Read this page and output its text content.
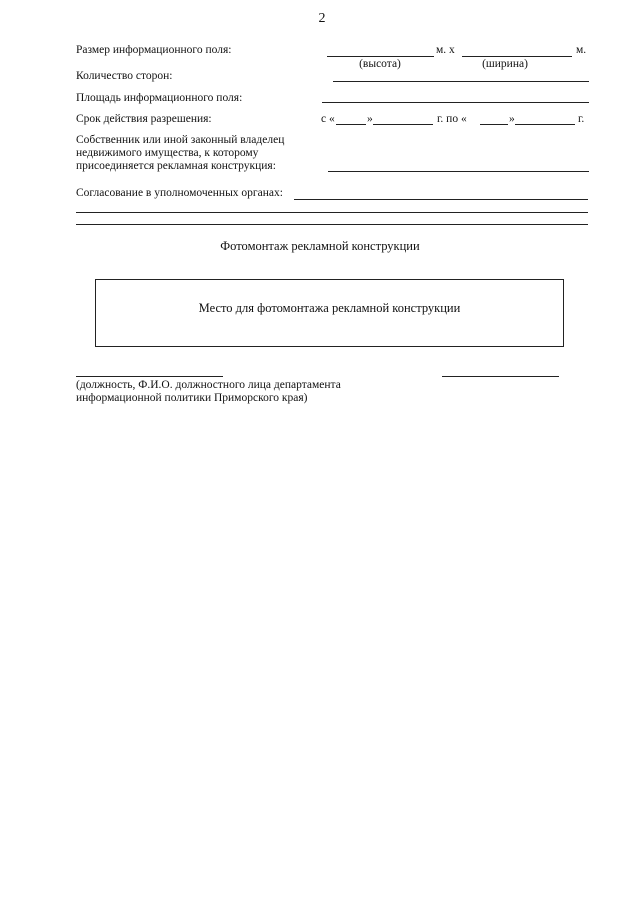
2
Размер информационного поля:	м. х	м.
(высота)	(ширина)
Количество сторон:
Площадь информационного поля:
Срок действия разрешения:	с «	»	г. по «	»	г.
Собственник или иной законный владелец
недвижимого имущества, к которому
присоединяется рекламная конструкция:
Согласование в уполномоченных органах:
Фотомонтаж рекламной конструкции
Место для фотомонтажа рекламной конструкции
(должность, Ф.И.О. должностного лица департамента
информационной политики Приморского края)
